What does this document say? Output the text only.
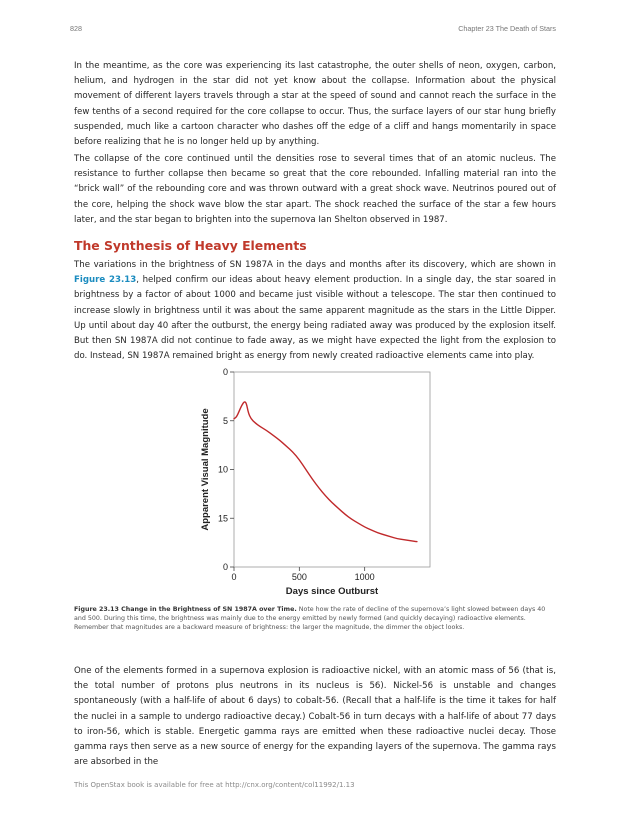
828	Chapter 23 The Death of Stars

In the meantime, as the core was experiencing its last catastrophe, the outer shells of neon, oxygen, carbon, helium, and hydrogen in the star did not yet know about the collapse. Information about the physical movement of different layers travels through a star at the speed of sound and cannot reach the surface in the few tenths of a second required for the core collapse to occur. Thus, the surface layers of our star hung briefly suspended, much like a cartoon character who dashes off the edge of a cliff and hangs momentarily in space before realizing that he is no longer held up by anything.

The collapse of the core continued until the densities rose to several times that of an atomic nucleus. The resistance to further collapse then became so great that the core rebounded. Infalling material ran into the “brick wall” of the rebounding core and was thrown outward with a great shock wave. Neutrinos poured out of the core, helping the shock wave blow the star apart. The shock reached the surface of the star a few hours later, and the star began to brighten into the supernova Ian Shelton observed in 1987.

The Synthesis of Heavy Elements

The variations in the brightness of SN 1987A in the days and months after its discovery, which are shown in Figure 23.13, helped confirm our ideas about heavy element production. In a single day, the star soared in brightness by a factor of about 1000 and became just visible without a telescope. The star then continued to increase slowly in brightness until it was about the same apparent magnitude as the stars in the Little Dipper. Up until about day 40 after the outburst, the energy being radiated away was produced by the explosion itself. But then SN 1987A did not continue to fade away, as we might have expected the light from the explosion to do. Instead, SN 1987A remained bright as energy from newly created radioactive elements came into play.

0
5
10
15
0
0	500	1000
Days since Outburst
Apparent Visual Magnitude

Figure 23.13 Change in the Brightness of SN 1987A over Time. Note how the rate of decline of the supernova’s light slowed between days 40 and 500. During this time, the brightness was mainly due to the energy emitted by newly formed (and quickly decaying) radioactive elements. Remember that magnitudes are a backward measure of brightness: the larger the magnitude, the dimmer the object looks.

One of the elements formed in a supernova explosion is radioactive nickel, with an atomic mass of 56 (that is, the total number of protons plus neutrons in its nucleus is 56). Nickel-56 is unstable and changes spontaneously (with a half-life of about 6 days) to cobalt-56. (Recall that a half-life is the time it takes for half the nuclei in a sample to undergo radioactive decay.) Cobalt-56 in turn decays with a half-life of about 77 days to iron-56, which is stable. Energetic gamma rays are emitted when these radioactive nuclei decay. Those gamma rays then serve as a new source of energy for the expanding layers of the supernova. The gamma rays are absorbed in the

This OpenStax book is available for free at http://cnx.org/content/col11992/1.13
